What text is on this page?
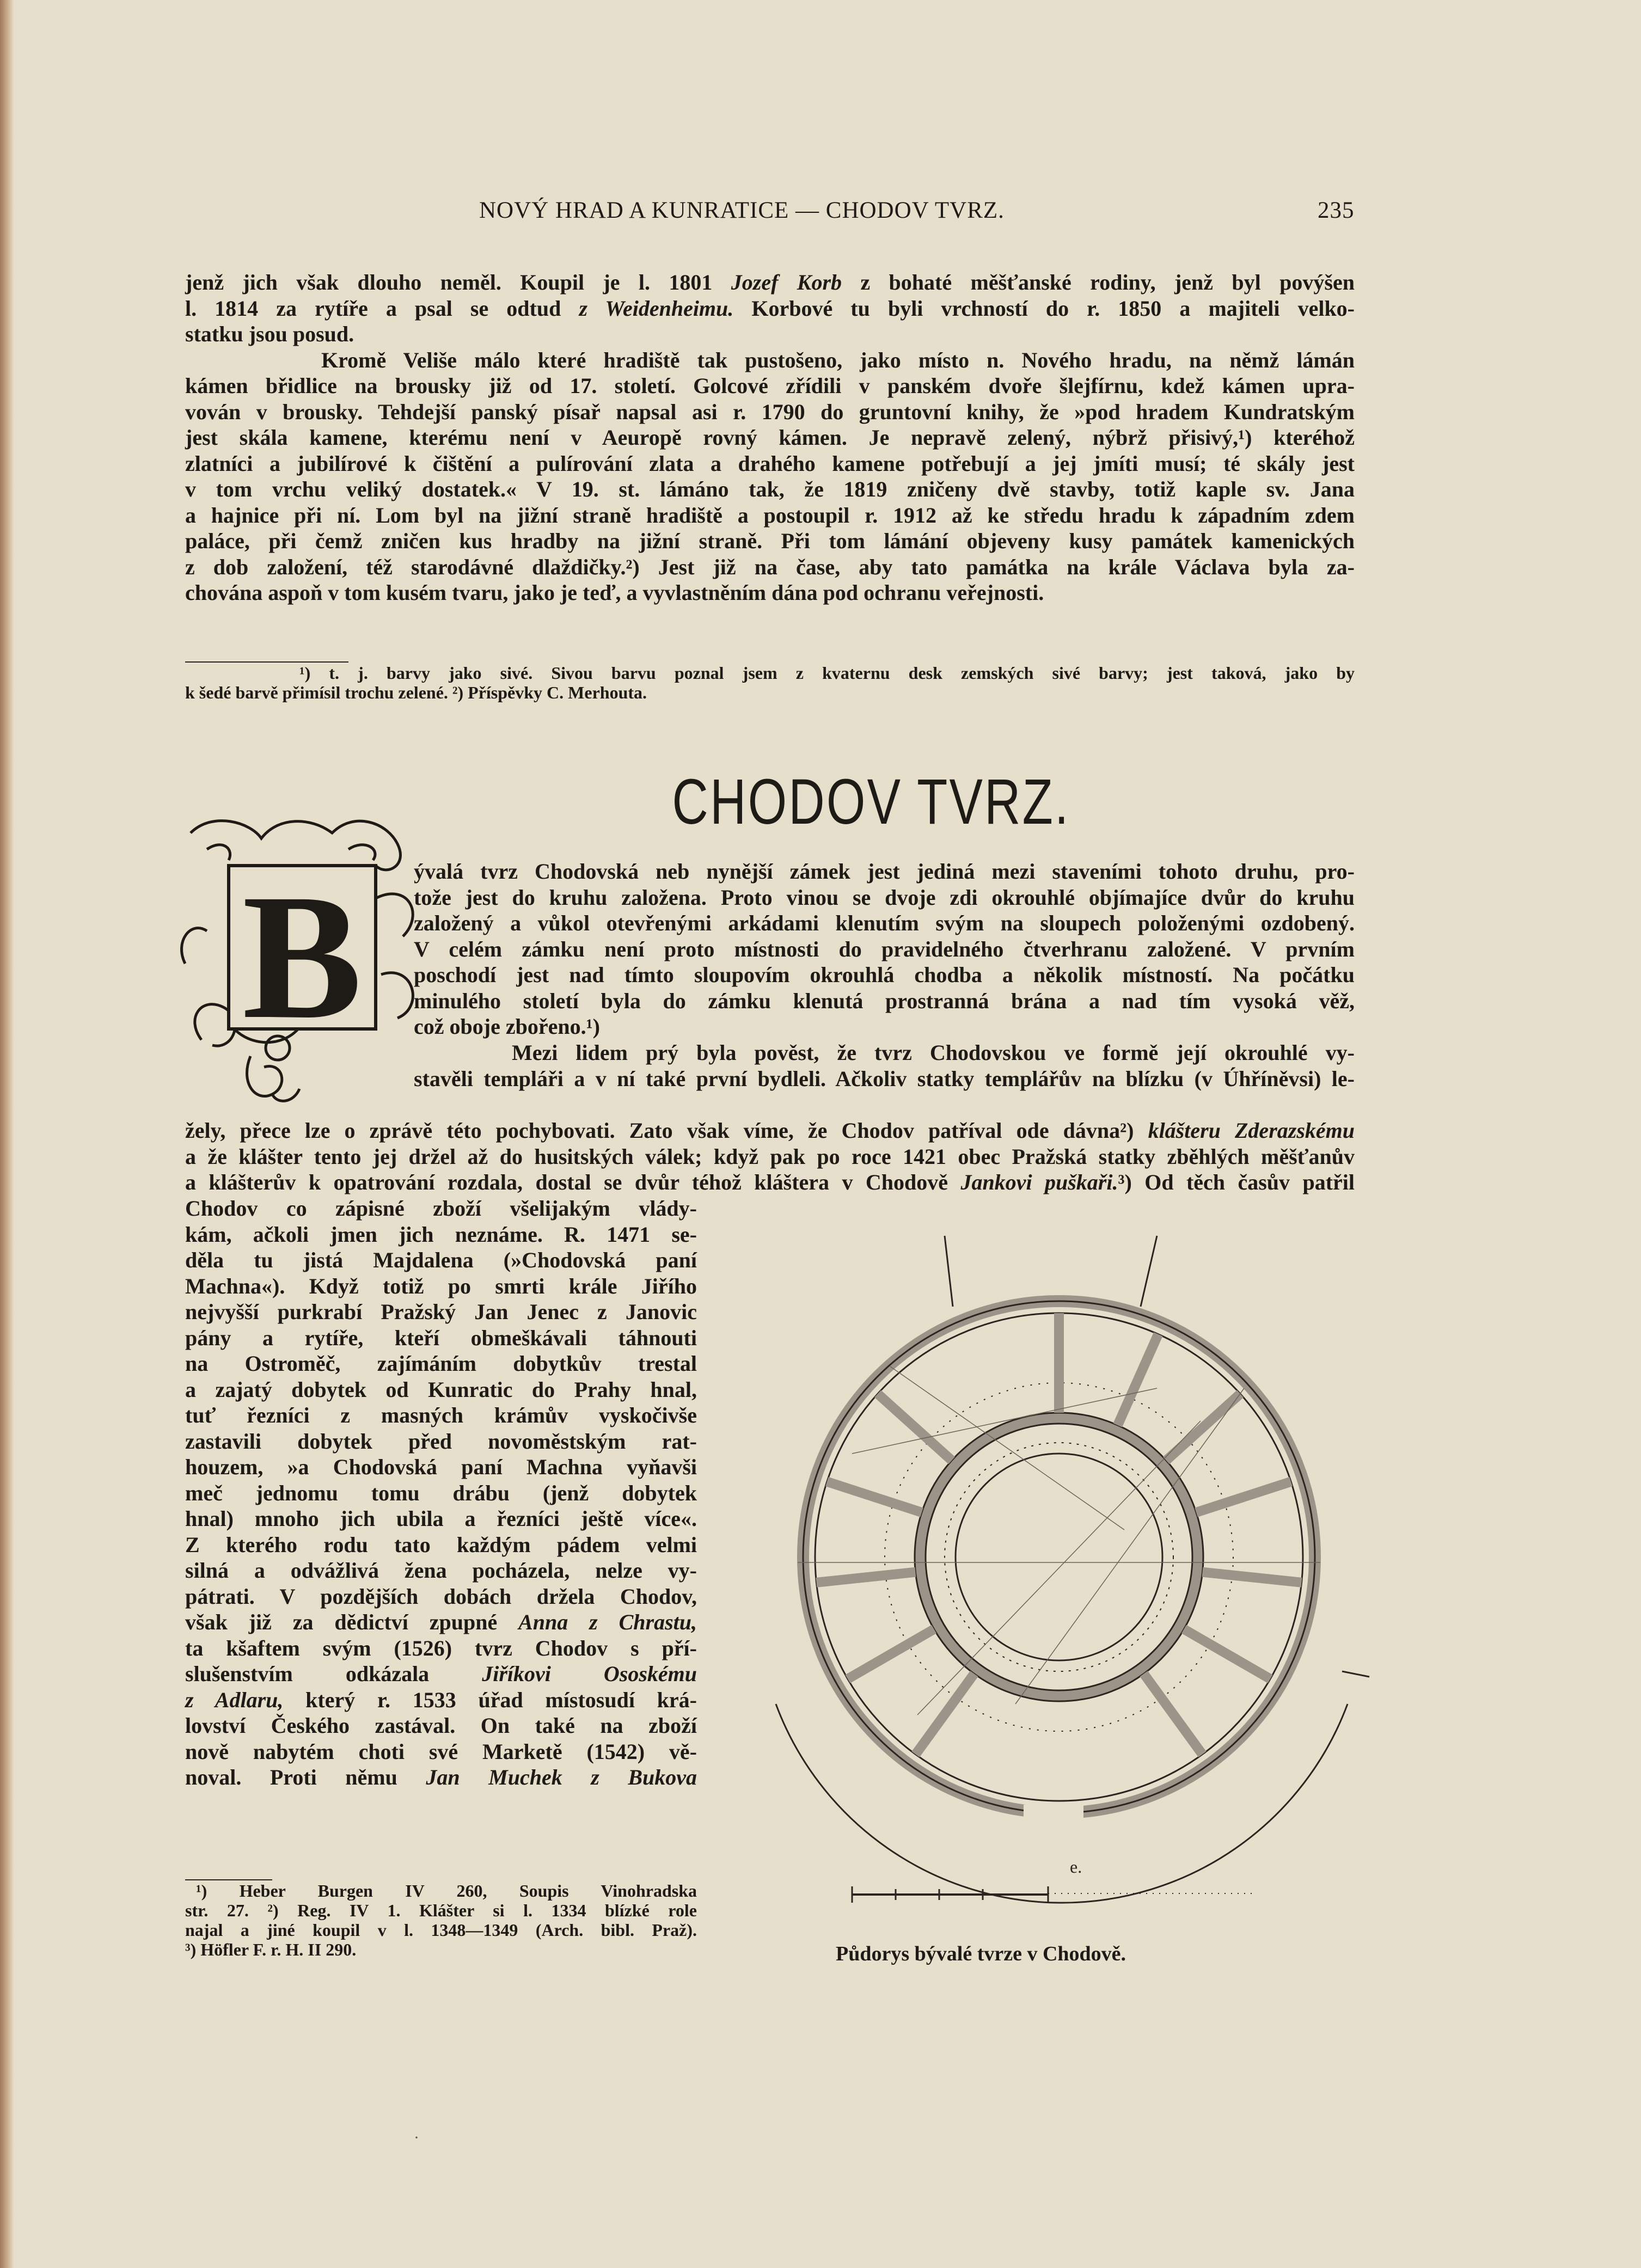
NOVÝ HRAD A KUNRATICE — CHODOV TVRZ.	235

jenž jich však dlouho neměl. Koupil je l. 1801 Jozef Korb z bohaté měšťanské rodiny, jenž byl povýšen

l. 1814 za rytíře a psal se odtud z Weidenheimu. Korbové tu byli vrchností do r. 1850 a majiteli velko-

statku jsou posud.

Kromě Veliše málo které hradiště tak pustošeno, jako místo n. Nového hradu, na němž lámán

kámen břidlice na brousky již od 17. století. Golcové zřídili v panském dvoře šlejfírnu, kdež kámen upra-

vován v brousky. Tehdejší panský písař napsal asi r. 1790 do gruntovní knihy, že »pod hradem Kundratským

jest skála kamene, kterému není v Aeuropě rovný kámen. Je nepravě zelený, nýbrž přisivý,¹) kteréhož

zlatníci a jubilírové k čištění a pulírování zlata a drahého kamene potřebují a jej jmíti musí; té skály jest

v tom vrchu veliký dostatek.« V 19. st. lámáno tak, že 1819 zničeny dvě stavby, totiž kaple sv. Jana

a hajnice při ní. Lom byl na jižní straně hradiště a postoupil r. 1912 až ke středu hradu k západním zdem

paláce, při čemž zničen kus hradby na jižní straně. Při tom lámání objeveny kusy památek kamenických

z dob založení, též starodávné dlaždičky.²) Jest již na čase, aby tato památka na krále Václava byla za-

chována aspoň v tom kusém tvaru, jako je teď, a vyvlastněním dána pod ochranu veřejnosti.

¹) t. j. barvy jako sivé. Sivou barvu poznal jsem z kvaternu desk zemských sivé barvy; jest taková, jako by

k šedé barvě přimísil trochu zelené. ²) Příspěvky C. Merhouta.

CHODOV TVRZ.
B ývalá tvrz Chodovská neb nynější zámek jest jediná mezi staveními tohoto druhu, pro-

tože jest do kruhu založena. Proto vinou se dvoje zdi okrouhlé objímajíce dvůr do kruhu

založený a vůkol otevřenými arkádami klenutím svým na sloupech položenými ozdobený.

V celém zámku není proto místnosti do pravidelného čtverhranu založené. V prvním

poschodí jest nad tímto sloupovím okrouhlá chodba a několik místností. Na počátku

minulého století byla do zámku klenutá prostranná brána a nad tím vysoká věž,

což oboje zbořeno.¹)

Mezi lidem prý byla pověst, že tvrz Chodovskou ve formě její okrouhlé vy-

stavěli templáři a v ní také první bydleli. Ačkoliv statky templářův na blízku (v Úhříněvsi) le-

žely, přece lze o zprávě této pochybovati. Zato však víme, že Chodov patříval ode dávna²) klášteru Zderazskému

a že klášter tento jej držel až do husitských válek; když pak po roce 1421 obec Pražská statky zběhlých měšťanův

a klášterův k opatrování rozdala, dostal se dvůr téhož kláštera v Chodově Jankovi puškaři.³) Od těch časův patřil

Chodov co zápisné zboží všelijakým vlády-

kám, ačkoli jmen jich neznáme. R. 1471 se-

děla tu jistá Majdalena (»Chodovská paní

Machna«). Když totiž po smrti krále Jiřího

nejvyšší purkrabí Pražský Jan Jenec z Janovic

pány a rytíře, kteří obmeškávali táhnouti

na Ostroměč, zajímáním dobytkův trestal

a zajatý dobytek od Kunratic do Prahy hnal,

tuť řezníci z masných krámův vyskočivše

zastavili dobytek před novoměstským rat-

houzem, »a Chodovská paní Machna vyňavši

meč jednomu tomu drábu (jenž dobytek

hnal) mnoho jich ubila a řezníci ještě více«.

Z kterého rodu tato každým pádem velmi

silná a odvážlivá žena pocházela, nelze vy-

pátrati. V pozdějších dobách držela Chodov,

však již za dědictví zpupné Anna z Chrastu,

ta kšaftem svým (1526) tvrz Chodov s pří-

slušenstvím odkázala Jiříkovi Ososkému

z Adlaru, který r. 1533 úřad místosudí krá-

lovství Českého zastával. On také na zboží

nově nabytém choti své Marketě (1542) vě-

noval. Proti němu Jan Muchek z Bukova

¹) Heber Burgen IV 260, Soupis Vinohradska

str. 27. ²) Reg. IV 1. Klášter si l. 1334 blízké role

najal a jiné koupil v l. 1348—1349 (Arch. bibl. Praž).

³) Höfler F. r. H. II 290.

e.
Půdorys bývalé tvrze v Chodově.
·
